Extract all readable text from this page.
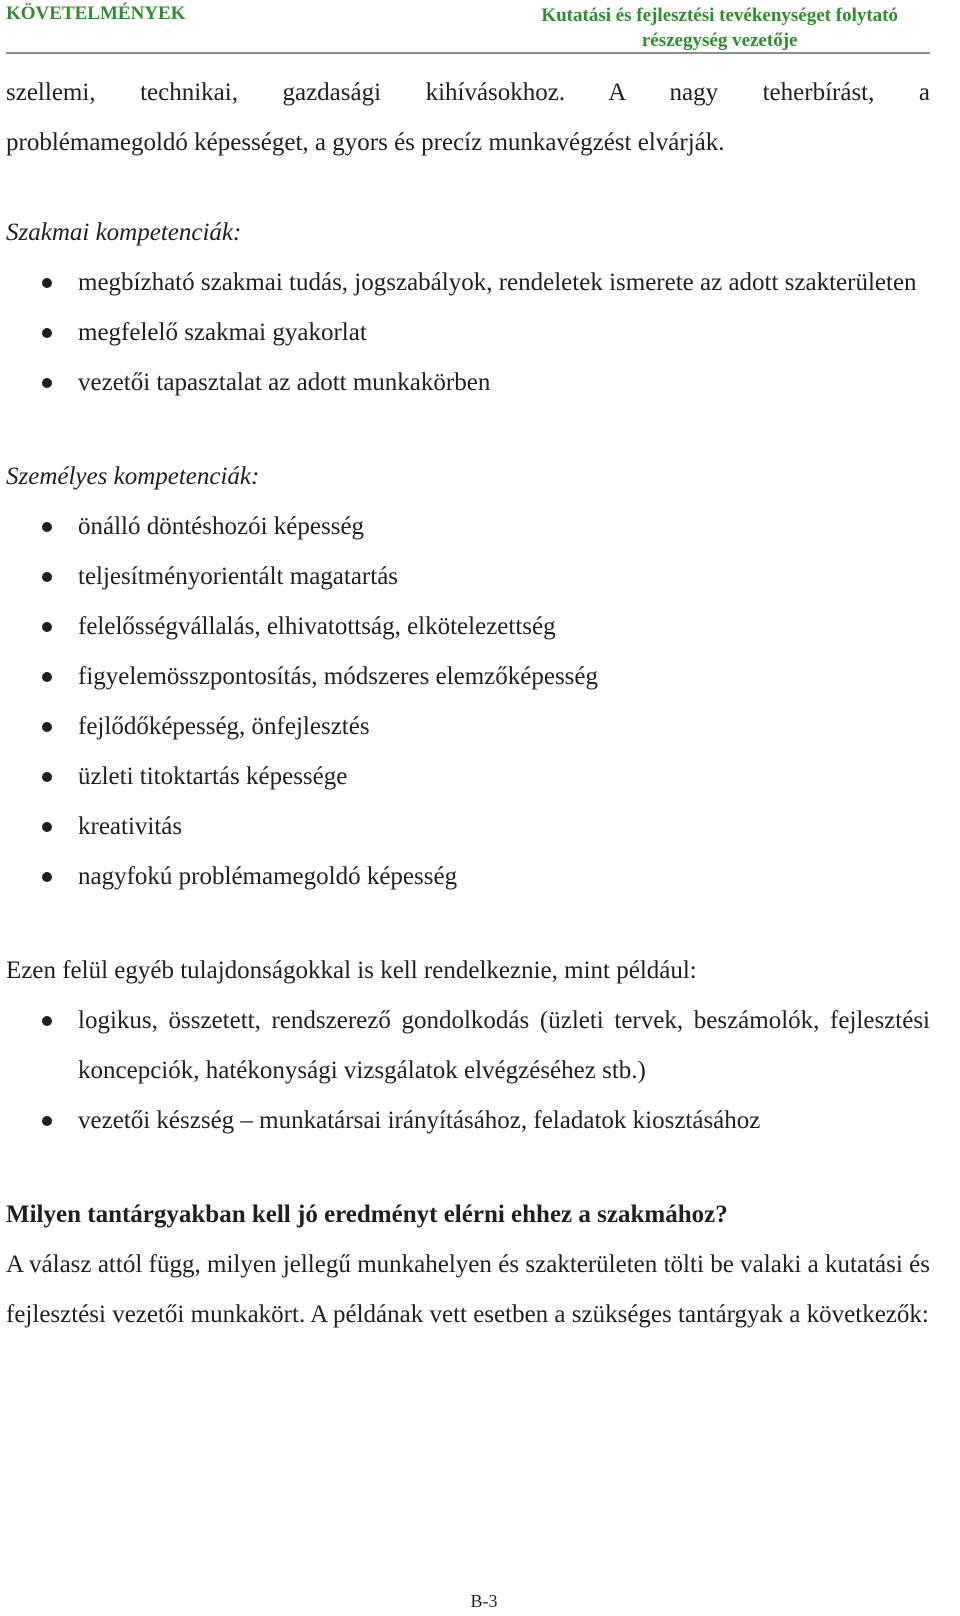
KÖVETELMÉNYEK	Kutatási és fejlesztési tevékenységet folytató
részegység vezetője

szellemi, technikai, gazdasági kihívásokhoz. A nagy teherbírást, a

problémamegoldó képességet, a gyors és precíz munkavégzést elvárják.

Szakmai kompetenciák:

megbízható szakmai tudás, jogszabályok, rendeletek ismerete az adott szakterületen
megfelelő szakmai gyakorlat
vezetői tapasztalat az adott munkakörben

Személyes kompetenciák:

önálló döntéshozói képesség
teljesítményorientált magatartás
felelősségvállalás, elhivatottság, elkötelezettség
figyelemösszpontosítás, módszeres elemzőképesség
fejlődőképesség, önfejlesztés
üzleti titoktartás képessége
kreativitás
nagyfokú problémamegoldó képesség

Ezen felül egyéb tulajdonságokkal is kell rendelkeznie, mint például:

logikus, összetett, rendszerező gondolkodás (üzleti tervek, beszámolók, fejlesztési koncepciók, hatékonysági vizsgálatok elvégzéséhez stb.)
vezetői készség – munkatársai irányításához, feladatok kiosztásához

Milyen tantárgyakban kell jó eredményt elérni ehhez a szakmához?

A válasz attól függ, milyen jellegű munkahelyen és szakterületen tölti be valaki a kutatási és fejlesztési vezetői munkakört. A példának vett esetben a szükséges tantárgyak a következők:

B-3
